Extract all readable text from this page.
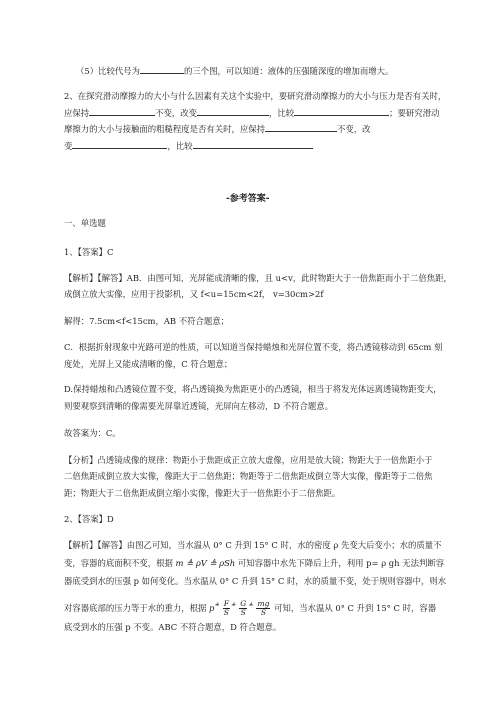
（5）比较代号为	的三个图，可以知道：液体的压强随深度的增加而增大。
2、在探究滑动摩擦力的大小与什么因素有关这个实验中，要研究滑动摩擦力的大小与压力是否有关时，
应保持	不变，改变	，比较	；要研究滑动
摩擦力的大小与接触面的粗糙程度是否有关时，应保持	不变，改
变	，比较
-参考答案-
一、单选题
1、【答案】C
【解析】【解答】AB．由图可知，光屏能成清晰的像，且 u<v，此时物距大于一倍焦距而小于二倍焦距，
成倒立放大实像，应用于投影机，又 f<u=15cm<2f， v=30cm>2f
解得：7.5cm<f<15cm，AB 不符合题意；
C．根据折射现象中光路可逆的性质，可以知道当保持蜡烛和光屏位置不变，将凸透镜移动到 65cm 刻
度处，光屏上又能成清晰的像，C 符合题意；
D.保持蜡烛和凸透镜位置不变，将凸透镜换为焦距更小的凸透镜，相当于将发光体远离透镜物距变大，
则要观察到清晰的像需要光屏靠近透镜，光屏向左移动，D 不符合题意。
故答案为：C。
【分析】凸透镜成像的规律：物距小于焦距成正立放大虚像，应用是放大镜；物距大于一倍焦距小于
二倍焦距成倒立放大实像，像距大于二倍焦距；物距等于二倍焦距成倒立等大实像，像距等于二倍焦
距；物距大于二倍焦距成倒立缩小实像，像距大于一倍焦距小于二倍焦距。
2、【答案】D
【解析】【解答】由图乙可知，当水温从 0° C 升到 15° C 时，水的密度 ρ 先变大后变小；水的质量不
变，容器的底面积不变，根据 m ≜ ρV ≜ ρSh 可知容器中水先下降后上升，利用 p= ρ gh 无法判断容
器底受到水的压强 p 如何变化。当水温从 0° C 升到 15° C 时，水的质量不变，处于规则容器中，则水
对容器底部的压力等于水的重力，根据 $p^≜ \frac{F}{S} ^≜ \frac{G}{S} ^≜ \frac{mg}{S}$ 可知，当水温从 0° C 升到 15° C 时，容器
底受到水的压强 p 不变。ABC 不符合题意，D 符合题意。
